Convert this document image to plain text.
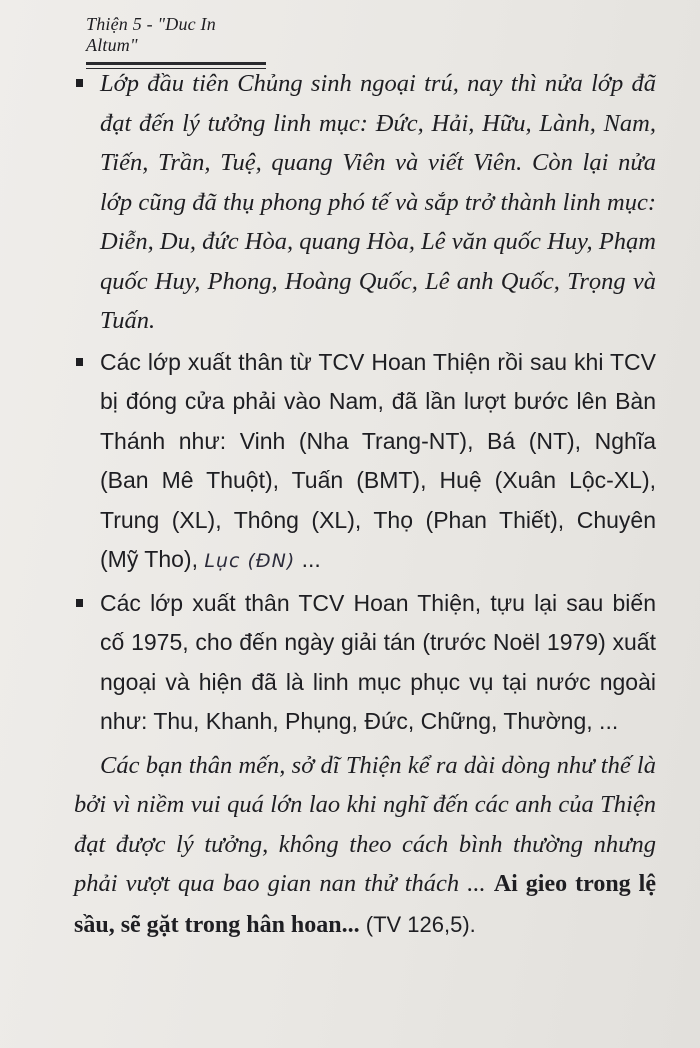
Thiện 5 - "Duc In Altum"
Lớp đầu tiên Chủng sinh ngoại trú, nay thì nửa lớp đã đạt đến lý tưởng linh mục: Đức, Hải, Hữu, Lành, Nam, Tiến, Trần, Tuệ, quang Viên và viết Viên. Còn lại nửa lớp cũng đã thụ phong phó tế và sắp trở thành linh mục: Diễn, Du, đức Hòa, quang Hòa, Lê văn quốc Huy, Phạm quốc Huy, Phong, Hoàng Quốc, Lê anh Quốc, Trọng và Tuấn.
Các lớp xuất thân từ TCV Hoan Thiện rồi sau khi TCV bị đóng cửa phải vào Nam, đã lần lượt bước lên Bàn Thánh như: Vinh (Nha Trang-NT), Bá (NT), Nghĩa (Ban Mê Thuột), Tuấn (BMT), Huệ (Xuân Lộc-XL), Trung (XL), Thông (XL), Thọ (Phan Thiết), Chuyên (Mỹ Tho), Lục (ĐN) ...
Các lớp xuất thân TCV Hoan Thiện, tựu lại sau biến cố 1975, cho đến ngày giải tán (trước Noël 1979) xuất ngoại và hiện đã là linh mục phục vụ tại nước ngoài như: Thu, Khanh, Phụng, Đức, Chững, Thường, ...
Các bạn thân mến, sở dĩ Thiện kể ra dài dòng như thế là bởi vì niềm vui quá lớn lao khi nghĩ đến các anh của Thiện đạt được lý tưởng, không theo cách bình thường nhưng phải vượt qua bao gian nan thử thách ... Ai gieo trong lệ sầu, sẽ gặt trong hân hoan... (TV 126,5).
